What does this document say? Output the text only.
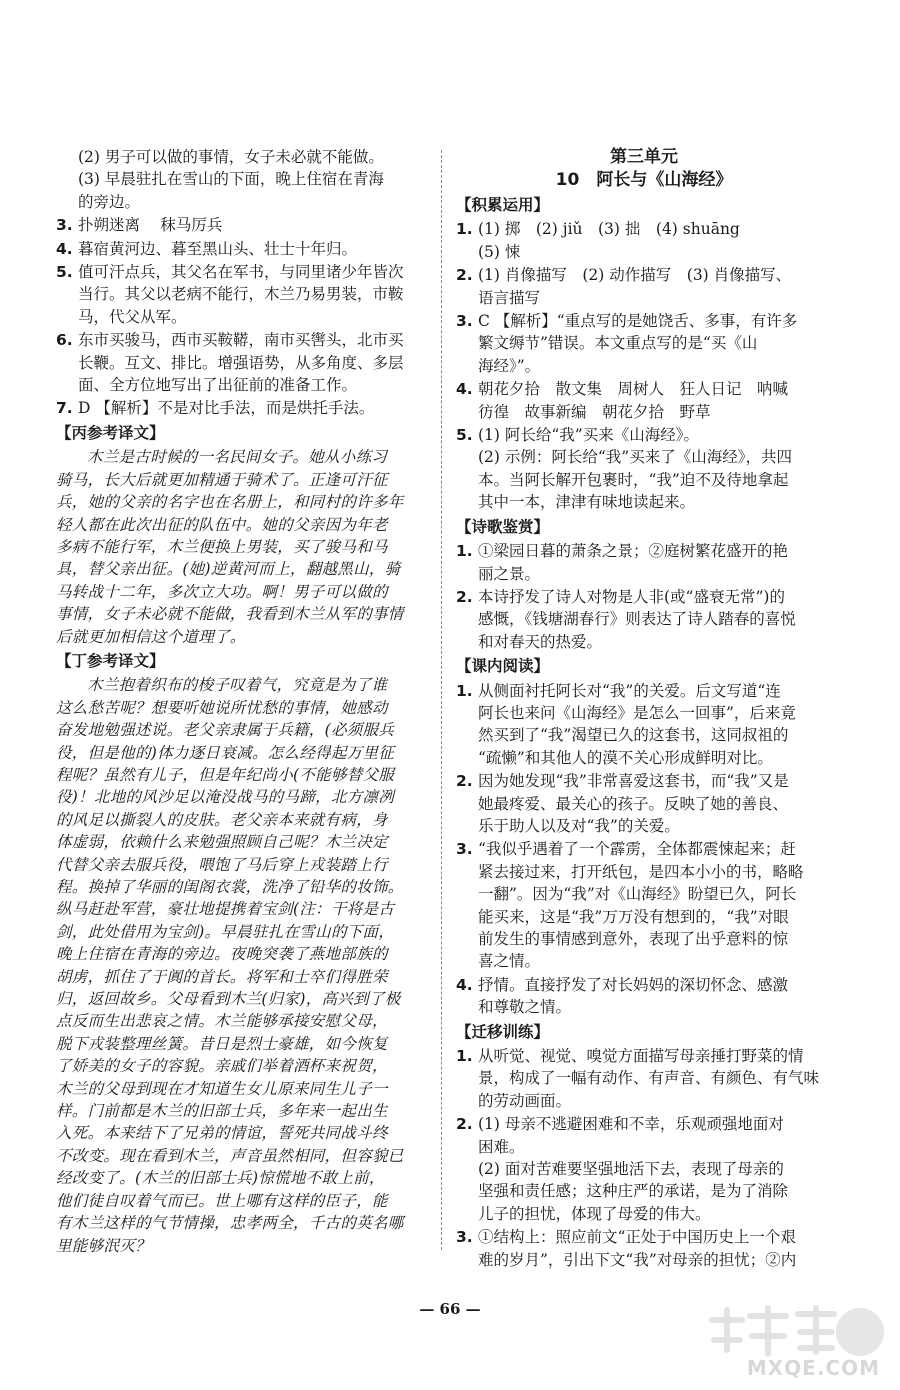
(2) 男子可以做的事情，女子未必就不能做。
(3) 早晨驻扎在雪山的下面，晚上住宿在青海
的旁边。
3. 扑朔迷离　 秣马厉兵
4. 暮宿黄河边、暮至黑山头、壮士十年归。
5. 值可汗点兵，其父名在军书，与同里诸少年皆次
当行。其父以老病不能行，木兰乃易男装，市鞍
马，代父从军。
6. 东市买骏马，西市买鞍鞯，南市买辔头，北市买
长鞭。互文、排比。增强语势，从多角度、多层
面、全方位地写出了出征前的准备工作。
7. D 【解析】不是对比手法，而是烘托手法。
【丙参考译文】
木兰是古时候的一名民间女子。她从小练习
骑马，长大后就更加精通于骑术了。正逢可汗征
兵，她的父亲的名字也在名册上，和同村的许多年
轻人都在此次出征的队伍中。她的父亲因为年老
多病不能行军，木兰便换上男装，买了骏马和马
具，替父亲出征。(她)逆黄河而上，翻越黑山，骑
马转战十二年，多次立大功。啊！男子可以做的
事情，女子未必就不能做，我看到木兰从军的事情
后就更加相信这个道理了。
【丁参考译文】
木兰抱着织布的梭子叹着气，究竟是为了谁
这么愁苦呢？想要听她说所忧愁的事情，她感动
奋发地勉强述说。老父亲隶属于兵籍，(必须服兵
役，但是他的)体力逐日衰减。怎么经得起万里征
程呢？虽然有儿子，但是年纪尚小(不能够替父服
役)！北地的风沙足以淹没战马的马蹄，北方凛冽
的风足以撕裂人的皮肤。老父亲本来就有病，身
体虚弱，依赖什么来勉强照顾自己呢？木兰决定
代替父亲去服兵役，喂饱了马后穿上戎装踏上行
程。换掉了华丽的闺阁衣裳，洗净了铅华的妆饰。
纵马赶赴军营，豪壮地提携着宝剑(注：干将是古
剑，此处借用为宝剑)。早晨驻扎在雪山的下面，
晚上住宿在青海的旁边。夜晚突袭了燕地部族的
胡虏，抓住了于阗的首长。将军和士卒们得胜荣
归，返回故乡。父母看到木兰(归家)，高兴到了极
点反而生出悲哀之情。木兰能够承接安慰父母，
脱下戎装整理丝簧。昔日是烈士豪雄，如今恢复
了娇美的女子的容貌。亲戚们举着酒杯来祝贺，
木兰的父母到现在才知道生女儿原来同生儿子一
样。门前都是木兰的旧部士兵，多年来一起出生
入死。本来结下了兄弟的情谊，誓死共同战斗终
不改变。现在看到木兰，声音虽然相同，但容貌已
经改变了。(木兰的旧部士兵)惊慌地不敢上前，
他们徒自叹着气而已。世上哪有这样的臣子，能
有木兰这样的气节情操，忠孝两全，千古的英名哪
里能够泯灭？
第三单元
10　阿长与《山海经》
【积累运用】
1. (1) 掷　(2) jiǔ　(3) 拙　(4) shuāng
(5) 悚
2. (1) 肖像描写　(2) 动作描写　(3) 肖像描写、
语言描写
3. C 【解析】“重点写的是她饶舌、多事，有许多
繁文缛节”错误。本文重点写的是“买《山
海经》”。
4. 朝花夕拾　散文集　周树人　狂人日记　呐喊
彷徨　故事新编　朝花夕拾　野草
5. (1) 阿长给“我”买来《山海经》。
(2) 示例：阿长给“我”买来了《山海经》，共四
本。当阿长解开包裹时，“我”迫不及待地拿起
其中一本，津津有味地读起来。
【诗歌鉴赏】
1. ①梁园日暮的萧条之景；②庭树繁花盛开的艳
丽之景。
2. 本诗抒发了诗人对物是人非(或“盛衰无常”)的
感慨，《钱塘湖春行》则表达了诗人踏春的喜悦
和对春天的热爱。
【课内阅读】
1. 从侧面衬托阿长对“我”的关爱。后文写道“连
阿长也来问《山海经》是怎么一回事”，后来竟
然买到了“我”渴望已久的这套书，这同叔祖的
“疏懒”和其他人的漠不关心形成鲜明对比。
2. 因为她发现“我”非常喜爱这套书，而“我”又是
她最疼爱、最关心的孩子。反映了她的善良、
乐于助人以及对“我”的关爱。
3. “我似乎遇着了一个霹雳，全体都震悚起来；赶
紧去接过来，打开纸包，是四本小小的书，略略
一翻”。因为“我”对《山海经》盼望已久，阿长
能买来，这是“我”万万没有想到的，“我”对眼
前发生的事情感到意外，表现了出乎意料的惊
喜之情。
4. 抒情。直接抒发了对长妈妈的深切怀念、感激
和尊敬之情。
【迁移训练】
1. 从听觉、视觉、嗅觉方面描写母亲捶打野菜的情
景，构成了一幅有动作、有声音、有颜色、有气味
的劳动画面。
2. (1) 母亲不逃避困难和不幸，乐观顽强地面对
困难。
(2) 面对苦难要坚强地活下去，表现了母亲的
坚强和责任感；这种庄严的承诺，是为了消除
儿子的担忧，体现了母爱的伟大。
3. ①结构上：照应前文“正处于中国历史上一个艰
难的岁月”，引出下文“我”对母亲的担忧；②内
— 66 —
MXQE.COM
